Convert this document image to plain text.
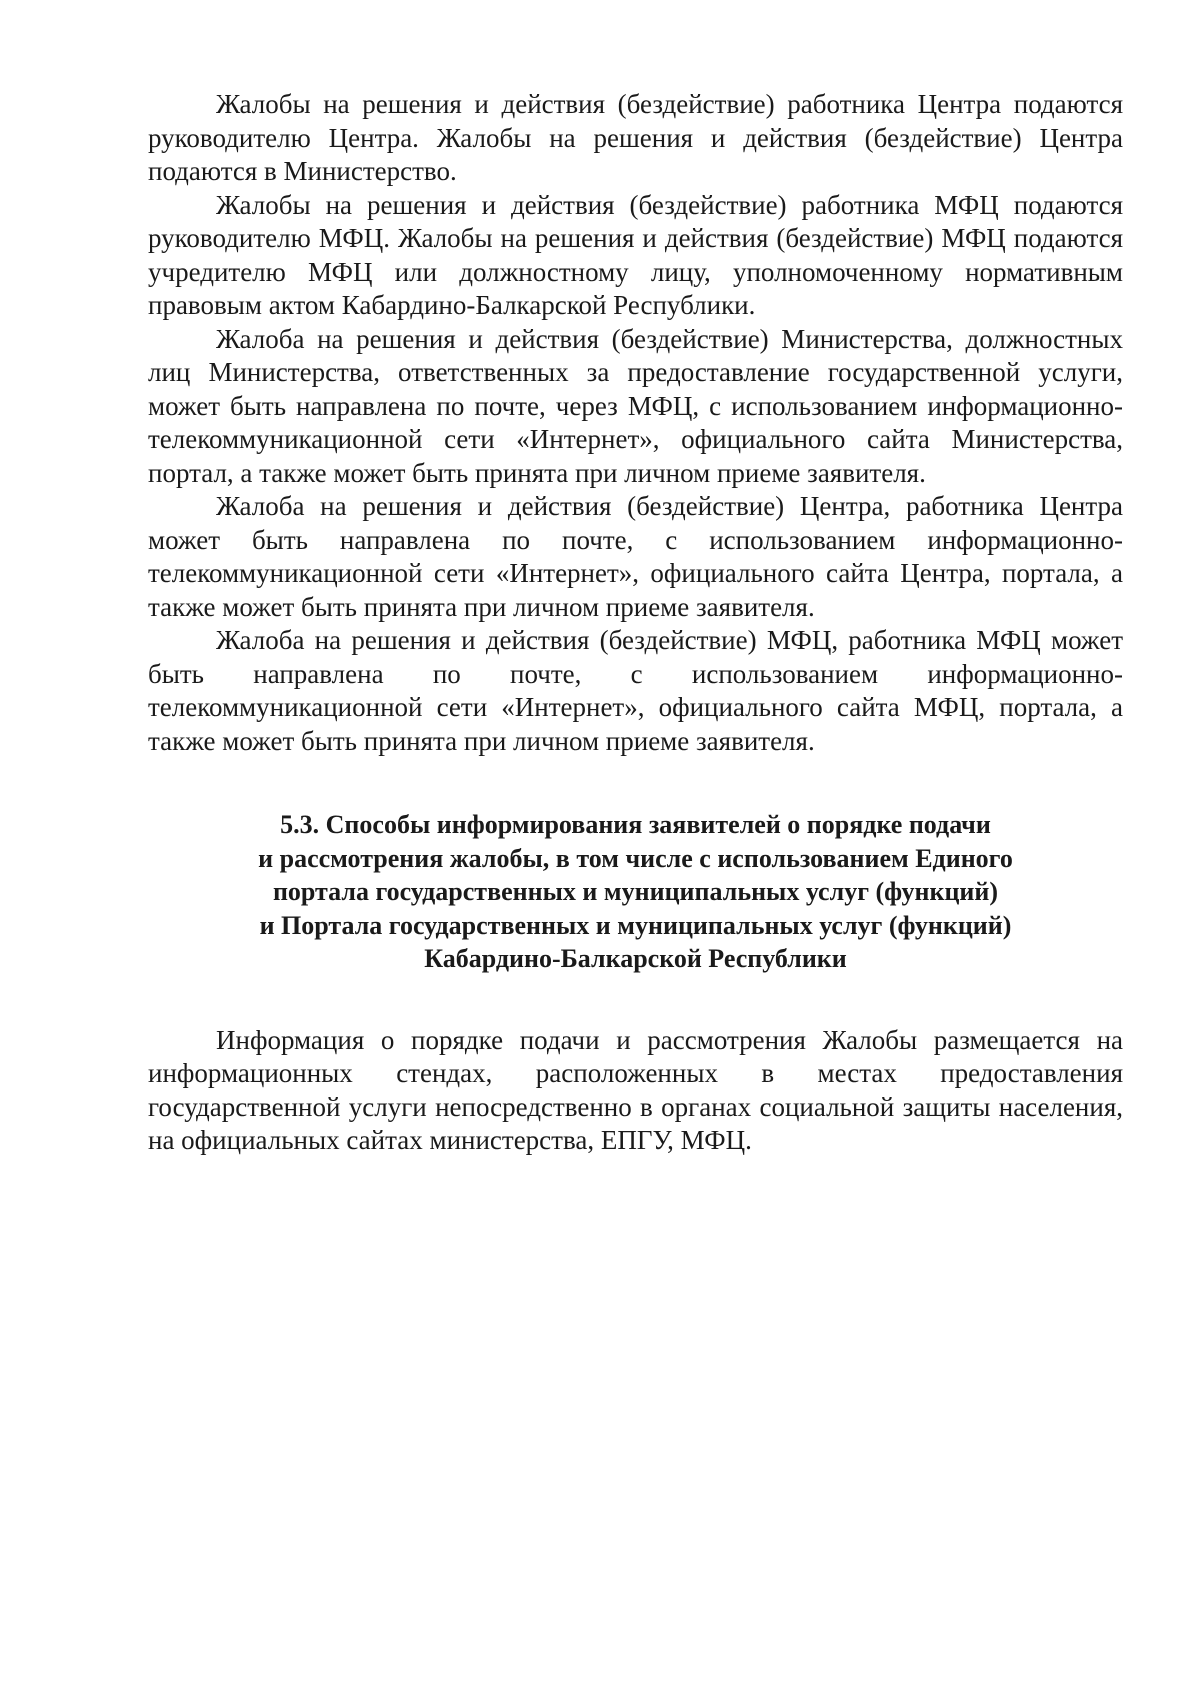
Жалобы на решения и действия (бездействие) работника Центра подаются руководителю Центра. Жалобы на решения и действия (бездействие) Центра подаются в Министерство.

Жалобы на решения и действия (бездействие) работника МФЦ подаются руководителю МФЦ. Жалобы на решения и действия (бездействие) МФЦ подаются учредителю МФЦ или должностному лицу, уполномоченному нормативным правовым актом Кабардино-Балкарской Республики.

Жалоба на решения и действия (бездействие) Министерства, должностных лиц Министерства, ответственных за предоставление государственной услуги, может быть направлена по почте, через МФЦ, с использованием информационно-телекоммуникационной сети «Интернет», официального сайта Министерства, портал, а также может быть принята при личном приеме заявителя.

Жалоба на решения и действия (бездействие) Центра, работника Центра может быть направлена по почте, с использованием информационно-телекоммуникационной сети «Интернет», официального сайта Центра, портала, а также может быть принята при личном приеме заявителя.

Жалоба на решения и действия (бездействие) МФЦ, работника МФЦ может быть направлена по почте, с использованием информационно-телекоммуникационной сети «Интернет», официального сайта МФЦ, портала, а также может быть принята при личном приеме заявителя.

5.3. Способы информирования заявителей о порядке подачи
и рассмотрения жалобы, в том числе с использованием Единого
портала государственных и муниципальных услуг (функций)
и Портала государственных и муниципальных услуг (функций)
Кабардино-Балкарской Республики

Информация о порядке подачи и рассмотрения Жалобы размещается на информационных стендах, расположенных в местах предоставления государственной услуги непосредственно в органах социальной защиты населения, на официальных сайтах министерства, ЕПГУ, МФЦ.
